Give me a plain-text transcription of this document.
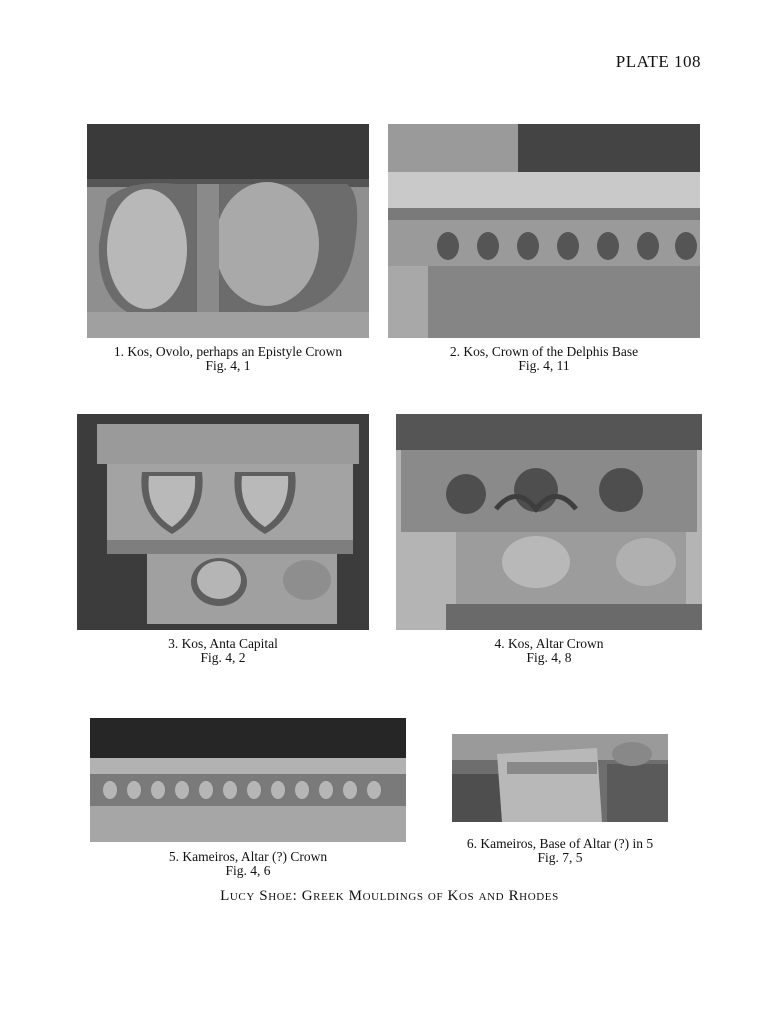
PLATE 108
1. Kos, Ovolo, perhaps an Epistyle Crown
Fig. 4, 1
2. Kos, Crown of the Delphis Base
Fig. 4, 11
3. Kos, Anta Capital
Fig. 4, 2
4. Kos, Altar Crown
Fig. 4, 8
5. Kameiros, Altar (?) Crown
Fig. 4, 6
6. Kameiros, Base of Altar (?) in 5
Fig. 7, 5
Lucy Shoe: Greek Mouldings of Kos and Rhodes
